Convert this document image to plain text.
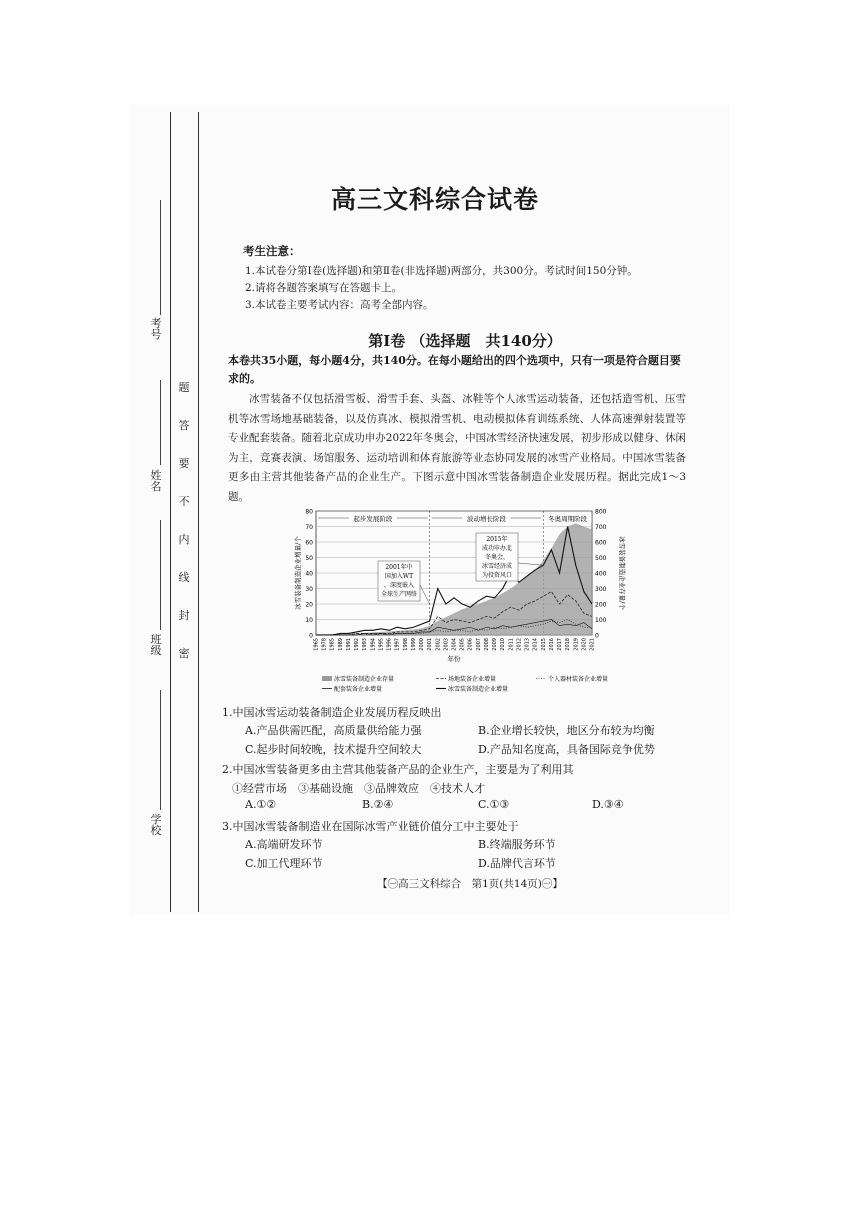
考号
姓名
班级
学校
题
答
要
不
内
线
封
密
高三文科综合试卷
考生注意：
1.本试卷分第Ⅰ卷(选择题)和第Ⅱ卷(非选择题)两部分，共300分。考试时间150分钟。
2.请将各题答案填写在答题卡上。
3.本试卷主要考试内容：高考全部内容。
第Ⅰ卷 （选择题　共140分）
本卷共35小题，每小题4分，共140分。在每小题给出的四个选项中，只有一项是符合题目要求的。
冰雪装备不仅包括滑雪板、滑雪手套、头盔、冰鞋等个人冰雪运动装备，还包括造雪机、压雪机等冰雪场地基础装备，以及仿真冰、模拟滑雪机、电动模拟体育训练系统、人体高速弹射装置等专业配套装备。随着北京成功申办2022年冬奥会，中国冰雪经济快速发展，初步形成以健身、休闲为主，竞赛表演、场馆服务、运动培训和体育旅游等业态协同发展的冰雪产业格局。中国冰雪装备更多由主营其他装备产品的企业生产。下图示意中国冰雪装备制造企业发展历程。据此完成1～3题。
0
10
20
30
40
50
60
70
80
0
100
200
300
400
500
600
700
800
起步发展阶段	波动增长阶段	冬奥周期阶段
1965 1978 1985 1989 1991 1992 1993 1994 1995 1996 1997 1998 1999 2000 2001 2002 2003 2004 2005 2006 2007 2008 2009 2010 2011 2012 2013 2014 2015 2016 2017 2018 2019 2020 2021
年份
冰雪装备制造企业增量/个	冰雪装备制造企业存量/个
2001年中
国加入WT
，深度嵌入
全球生产网络
2015年
成功申办北
冬奥会，
冰雪经济成
为投资风口
冰雪装备制造企业存量	场地装备企业增量	个人器材装备企业增量
配套装备企业增量	冰雪装备制造企业增量
1.中国冰雪运动装备制造企业发展历程反映出
A.产品供需匹配，高质量供给能力强	B.企业增长较快，地区分布较为均衡
C.起步时间较晚，技术提升空间较大	D.产品知名度高，具备国际竞争优势
2.中国冰雪装备更多由主营其他装备产品的企业生产，主要是为了利用其
①经营市场　③基础设施　③品牌效应　④技术人才
A.①②	B.②④	C.①③	D.③④
3.中国冰雪装备制造业在国际冰雪产业链价值分工中主要处于
A.高端研发环节	B.终端服务环节
C.加工代理环节	D.品牌代言环节
【㊀高三文科综合　第1页(共14页)㊀】
